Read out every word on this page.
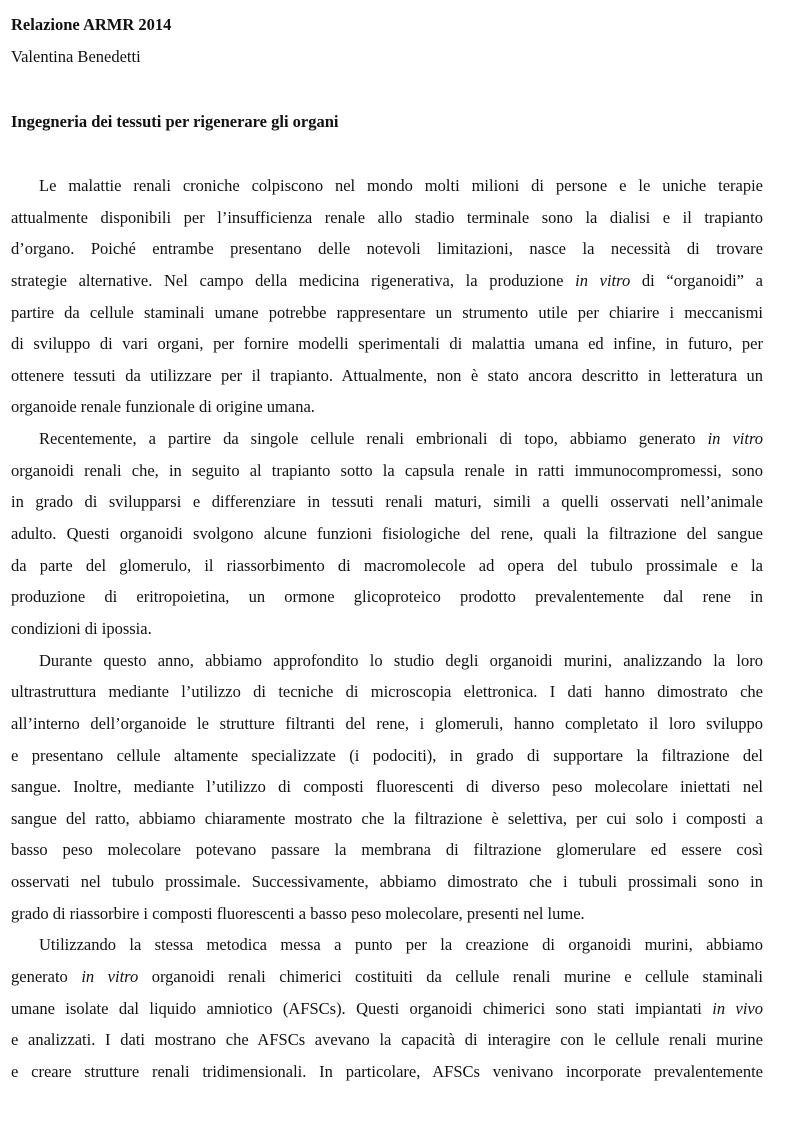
Relazione ARMR 2014
Valentina Benedetti
Ingegneria dei tessuti per rigenerare gli organi
Le malattie renali croniche colpiscono nel mondo molti milioni di persone e le uniche terapie
attualmente disponibili per l’insufficienza renale allo stadio terminale sono la dialisi e il trapianto
d’organo. Poiché entrambe presentano delle notevoli limitazioni, nasce la necessità di trovare
strategie alternative. Nel campo della medicina rigenerativa, la produzione in vitro di “organoidi” a
partire da cellule staminali umane potrebbe rappresentare un strumento utile per chiarire i meccanismi
di sviluppo di vari organi, per fornire modelli sperimentali di malattia umana ed infine, in futuro, per
ottenere tessuti da utilizzare per il trapianto. Attualmente, non è stato ancora descritto in letteratura un
organoide renale funzionale di origine umana.
Recentemente, a partire da singole cellule renali embrionali di topo, abbiamo generato in vitro
organoidi renali che, in seguito al trapianto sotto la capsula renale in ratti immunocompromessi, sono
in grado di svilupparsi e differenziare in tessuti renali maturi, simili a quelli osservati nell’animale
adulto. Questi organoidi svolgono alcune funzioni fisiologiche del rene, quali la filtrazione del sangue
da parte del glomerulo, il riassorbimento di macromolecole ad opera del tubulo prossimale e la
produzione di eritropoietina, un ormone glicoproteico prodotto prevalentemente dal rene in
condizioni di ipossia.
Durante questo anno, abbiamo approfondito lo studio degli organoidi murini, analizzando la loro
ultrastruttura mediante l’utilizzo di tecniche di microscopia elettronica. I dati hanno dimostrato che
all’interno dell’organoide le strutture filtranti del rene, i glomeruli, hanno completato il loro sviluppo
e presentano cellule altamente specializzate (i podociti), in grado di supportare la filtrazione del
sangue. Inoltre, mediante l’utilizzo di composti fluorescenti di diverso peso molecolare iniettati nel
sangue del ratto, abbiamo chiaramente mostrato che la filtrazione è selettiva, per cui solo i composti a
basso peso molecolare potevano passare la membrana di filtrazione glomerulare ed essere così
osservati nel tubulo prossimale. Successivamente, abbiamo dimostrato che i tubuli prossimali sono in
grado di riassorbire i composti fluorescenti a basso peso molecolare, presenti nel lume.
Utilizzando la stessa metodica messa a punto per la creazione di organoidi murini, abbiamo
generato in vitro organoidi renali chimerici costituiti da cellule renali murine e cellule staminali
umane isolate dal liquido amniotico (AFSCs). Questi organoidi chimerici sono stati impiantati in vivo
e analizzati. I dati mostrano che AFSCs avevano la capacità di interagire con le cellule renali murine
e creare strutture renali tridimensionali. In particolare, AFSCs venivano incorporate prevalentemente
